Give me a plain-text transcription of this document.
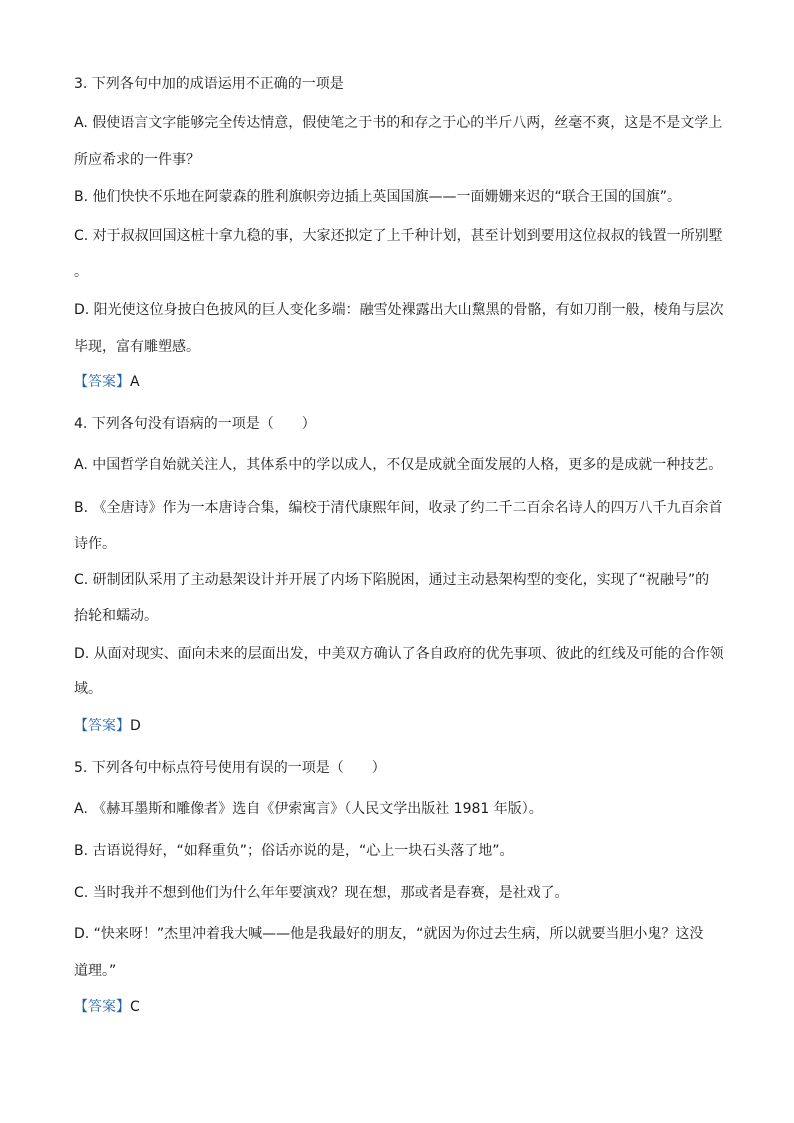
3. 下列各句中加的成语运用不正确的一项是
A. 假使语言文字能够完全传达情意，假使笔之于书的和存之于心的半斤八两，丝毫不爽，这是不是文学上
所应希求的一件事？
B. 他们快快不乐地在阿蒙森的胜利旗帜旁边插上英国国旗——一面姗姗来迟的“联合王国的国旗”。
C. 对于叔叔回国这桩十拿九稳的事，大家还拟定了上千种计划，甚至计划到要用这位叔叔的钱置一所别墅
。
D. 阳光使这位身披白色披风的巨人变化多端：融雪处裸露出大山黧黑的骨骼，有如刀削一般，棱角与层次
毕现，富有雕塑感。
【答案】A
4. 下列各句没有语病的一项是（　　）
A. 中国哲学自始就关注人，其体系中的学以成人，不仅是成就全面发展的人格，更多的是成就一种技艺。
B. 《全唐诗》作为一本唐诗合集，编校于清代康熙年间，收录了约二千二百余名诗人的四万八千九百余首
诗作。
C. 研制团队采用了主动悬架设计并开展了内场下陷脱困，通过主动悬架构型的变化，实现了“祝融号”的
抬轮和蠕动。
D. 从面对现实、面向未来的层面出发，中美双方确认了各自政府的优先事项、彼此的红线及可能的合作领
域。
【答案】D
5. 下列各句中标点符号使用有误的一项是（　　）
A. 《赫耳墨斯和雕像者》选自《伊索寓言》（人民文学出版社 1981 年版）。
B. 古语说得好，“如释重负”；俗话亦说的是，“心上一块石头落了地”。
C. 当时我并不想到他们为什么年年要演戏？现在想，那或者是春赛，是社戏了。
D. “快来呀！”杰里冲着我大喊——他是我最好的朋友，“就因为你过去生病，所以就要当胆小鬼？这没
道理。”
【答案】C
